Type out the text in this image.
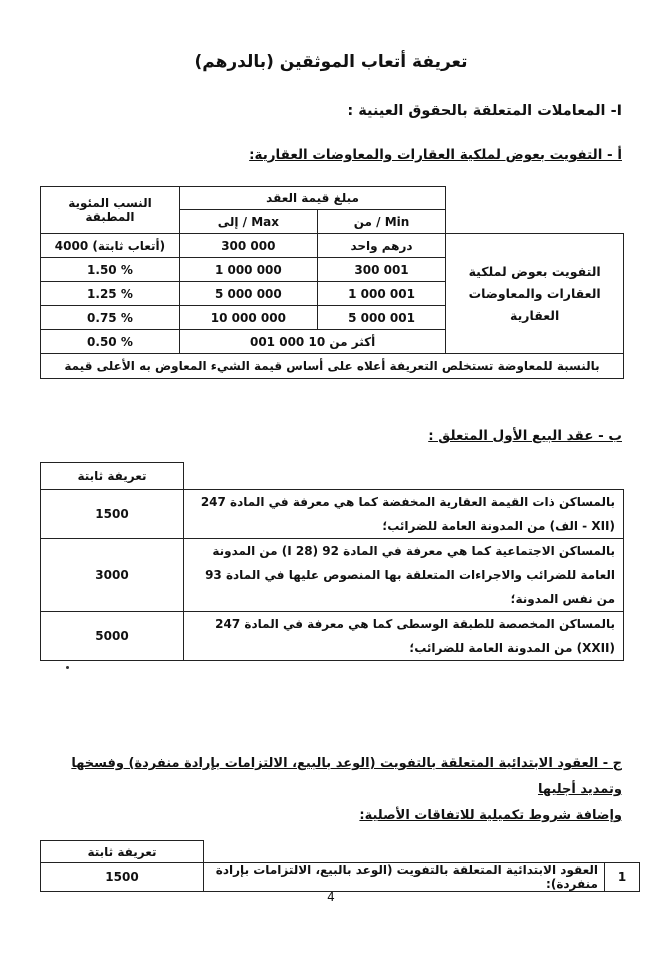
تعريفة أتعاب الموثقين (بالدرهم)
I- المعاملات المتعلقة بالحقوق العينية :
أ - التفويت بعوض لملكية العقارات والمعاوضات العقارية:
النسب المئوية المطبقة	مبلغ قيمة العقد		
	إلى / Max	من / Min	
4000 (أتعاب ثابتة)	300 000	درهم واحد	التفويت بعوض لملكية العقارات والمعاوضات العقارية
1.50 %	1 000 000	300 001	
1.25 %	5 000 000	1 000 001	
0.75 %	10 000 000	5 000 001	
0.50 %	أكثر من 10 000 001		
بالنسبة للمعاوضة تستخلص التعريفة أعلاه على أساس قيمة الشيء المعاوض به الأعلى قيمة			
ب - عقد البيع الأول المتعلق :
تعريفة ثابتة	
1500	بالمساكن ذات القيمة العقارية المخفضة كما هي معرفة في المادة 247 (XII - الف) من المدونة العامة للضرائب؛
3000	بالمساكن الاجتماعية كما هي معرفة في المادة 92 (I 28) من المدونة العامة للضرائب والاجراءات المتعلقة بها المنصوص عليها في المادة 93 من نفس المدونة؛
5000	بالمساكن المخصصة للطبقة الوسطى كما هي معرفة في المادة 247 (XXII) من المدونة العامة للضرائب؛
ج - العقود الابتدائية المتعلقة بالتفويت (الوعد بالبيع، الالتزامات بإرادة منفردة) وفسخها وتمديد أجليها
وإضافة شروط تكميلية للاتفاقات الأصلية:
تعريفة ثابتة		
1500	العقود الابتدائية المتعلقة بالتفويت (الوعد بالبيع، الالتزامات بإرادة منفردة):	1
4
